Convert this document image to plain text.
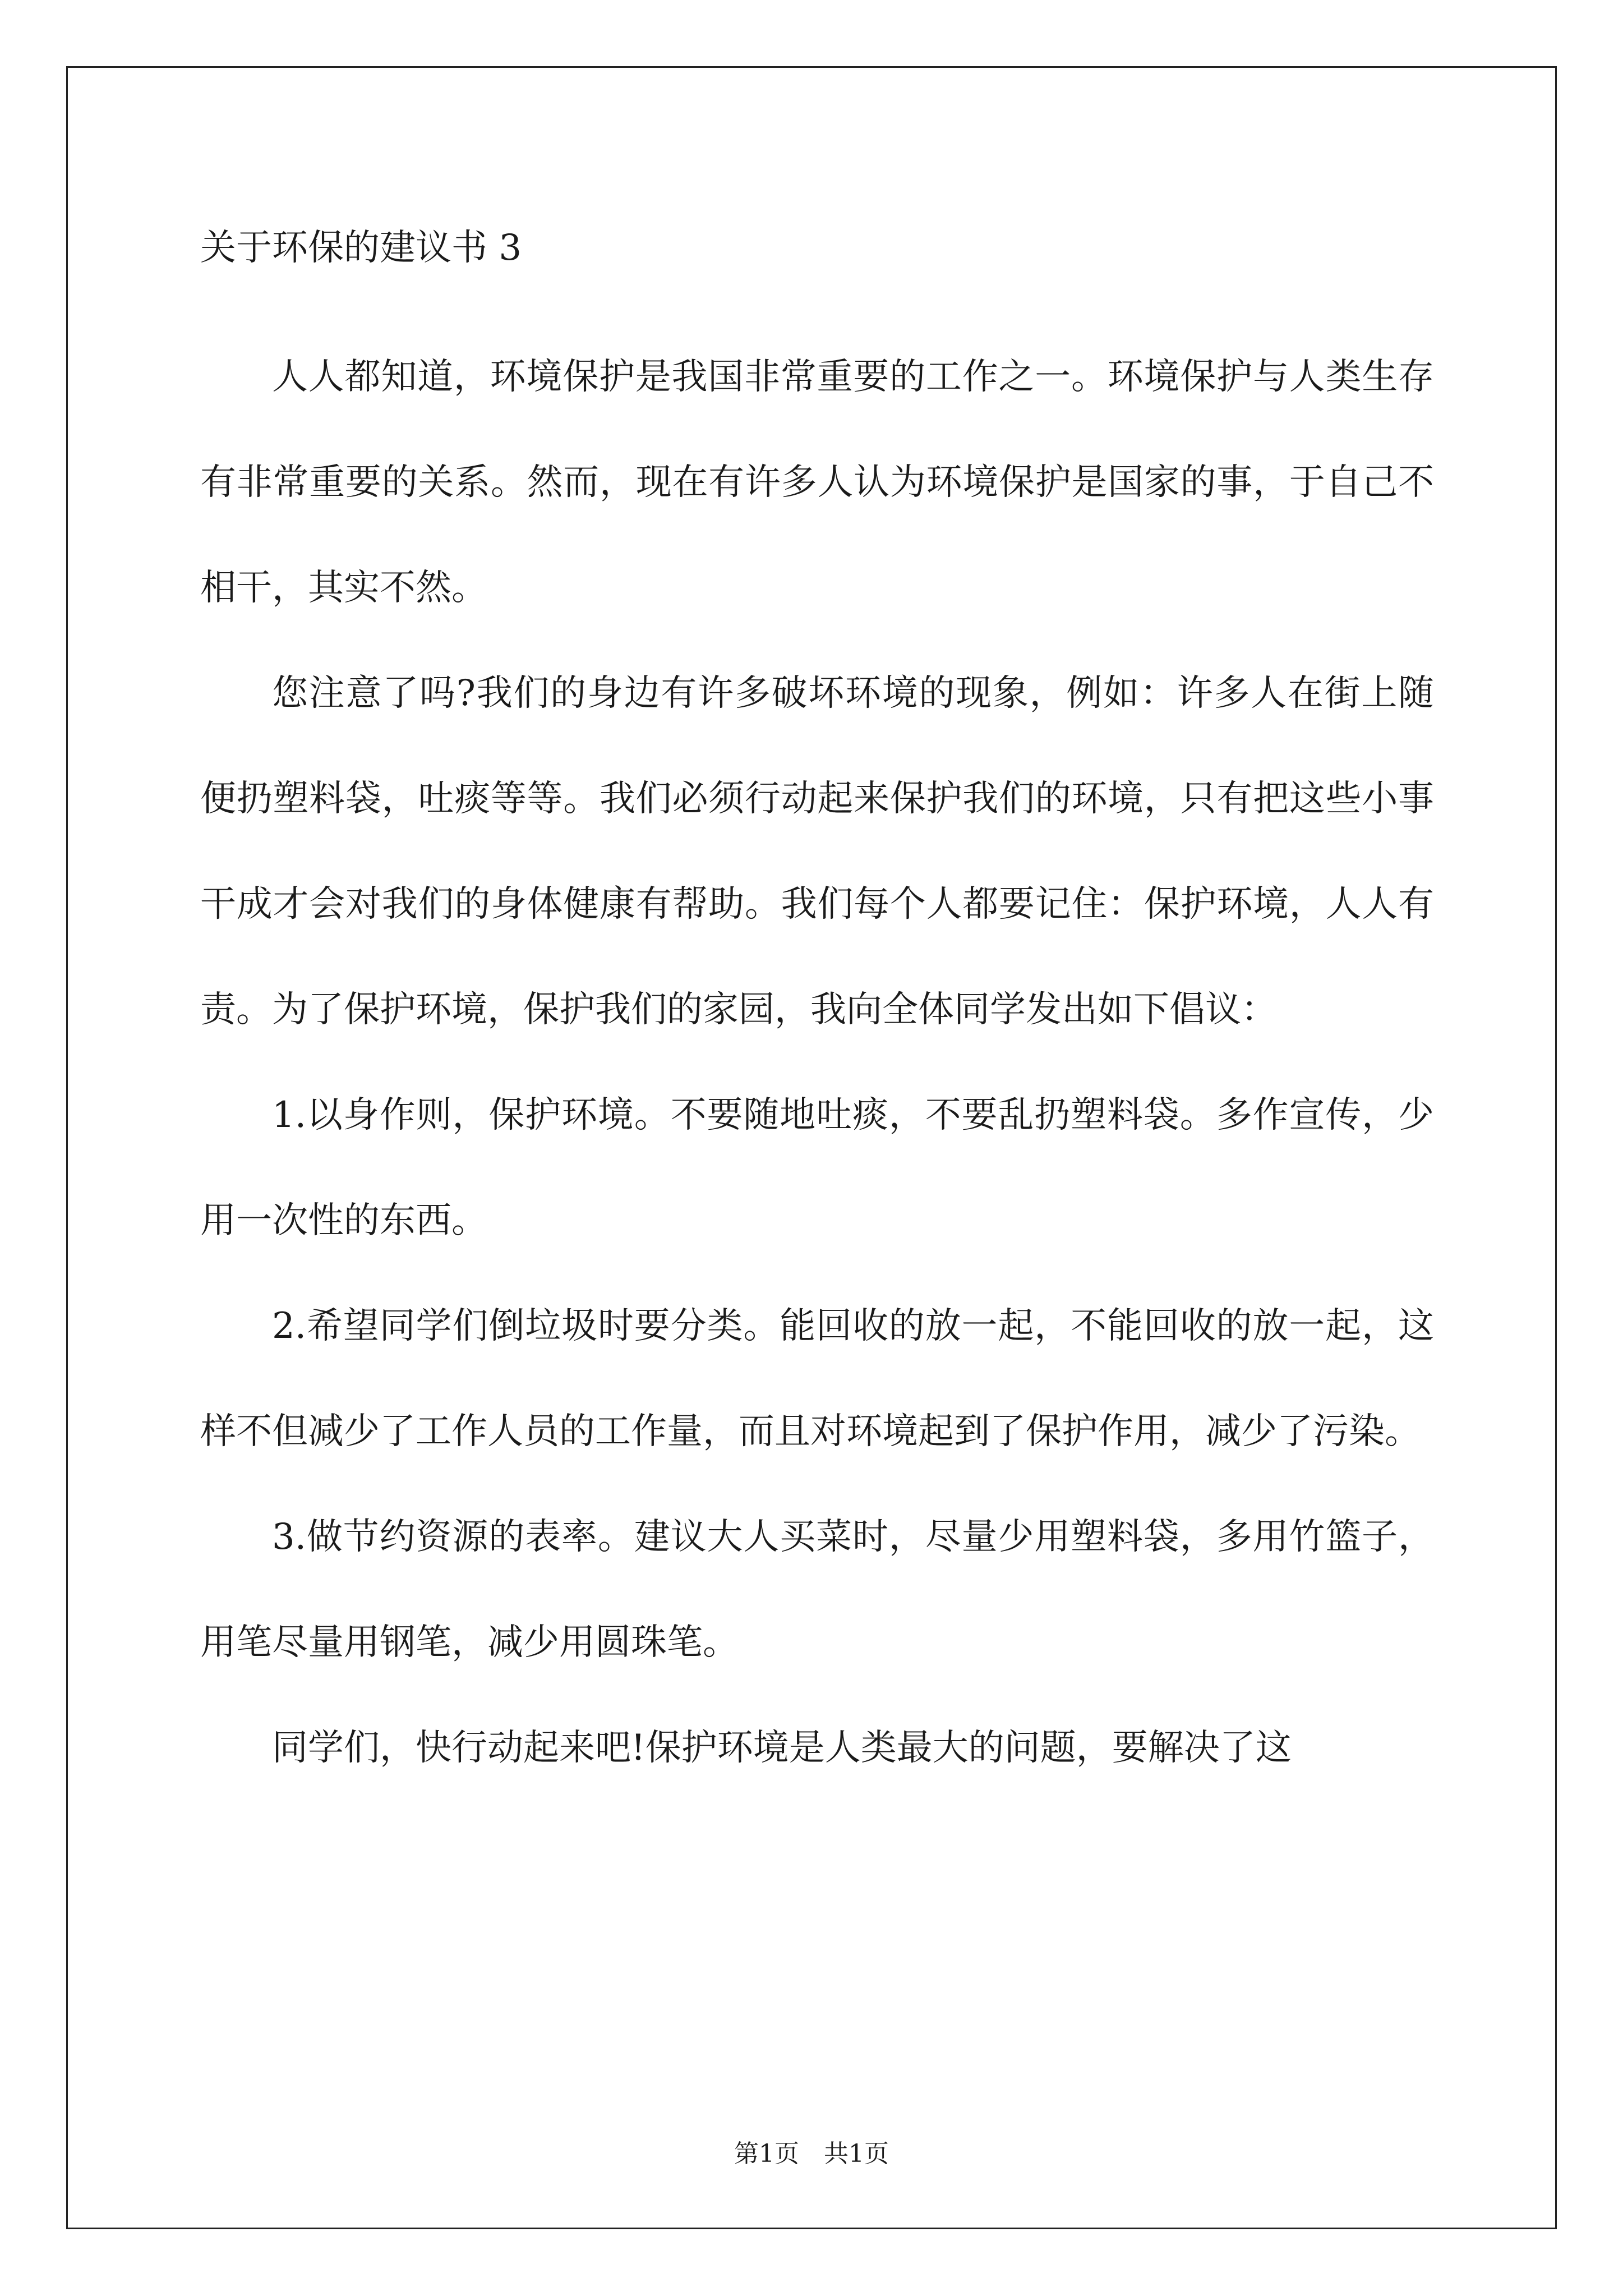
关于环保的建议书 3

人人都知道，环境保护是我国非常重要的工作之一。环境保护与人类生存有非常重要的关系。然而，现在有许多人认为环境保护是国家的事，于自己不相干，其实不然。

您注意了吗?我们的身边有许多破坏环境的现象，例如：许多人在街上随便扔塑料袋，吐痰等等。我们必须行动起来保护我们的环境，只有把这些小事干成才会对我们的身体健康有帮助。我们每个人都要记住：保护环境，人人有责。为了保护环境，保护我们的家园，我向全体同学发出如下倡议：

1.以身作则，保护环境。不要随地吐痰，不要乱扔塑料袋。多作宣传，少用一次性的东西。

2.希望同学们倒垃圾时要分类。能回收的放一起，不能回收的放一起，这样不但减少了工作人员的工作量，而且对环境起到了保护作用，减少了污染。

3.做节约资源的表率。建议大人买菜时，尽量少用塑料袋，多用竹篮子，用笔尽量用钢笔，减少用圆珠笔。

同学们，快行动起来吧!保护环境是人类最大的问题，要解决了这

第1页　共1页
